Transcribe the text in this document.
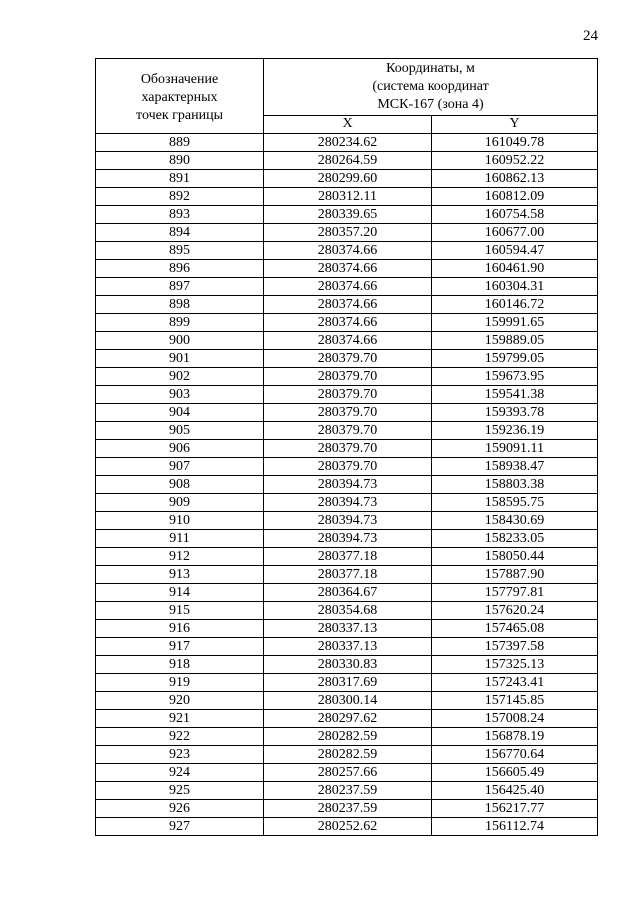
24
Обозначение
характерных
точек границы	Координаты, м
(система координат
МСК-167 (зона 4)	
	X	Y
889	280234.62	161049.78
890	280264.59	160952.22
891	280299.60	160862.13
892	280312.11	160812.09
893	280339.65	160754.58
894	280357.20	160677.00
895	280374.66	160594.47
896	280374.66	160461.90
897	280374.66	160304.31
898	280374.66	160146.72
899	280374.66	159991.65
900	280374.66	159889.05
901	280379.70	159799.05
902	280379.70	159673.95
903	280379.70	159541.38
904	280379.70	159393.78
905	280379.70	159236.19
906	280379.70	159091.11
907	280379.70	158938.47
908	280394.73	158803.38
909	280394.73	158595.75
910	280394.73	158430.69
911	280394.73	158233.05
912	280377.18	158050.44
913	280377.18	157887.90
914	280364.67	157797.81
915	280354.68	157620.24
916	280337.13	157465.08
917	280337.13	157397.58
918	280330.83	157325.13
919	280317.69	157243.41
920	280300.14	157145.85
921	280297.62	157008.24
922	280282.59	156878.19
923	280282.59	156770.64
924	280257.66	156605.49
925	280237.59	156425.40
926	280237.59	156217.77
927	280252.62	156112.74
